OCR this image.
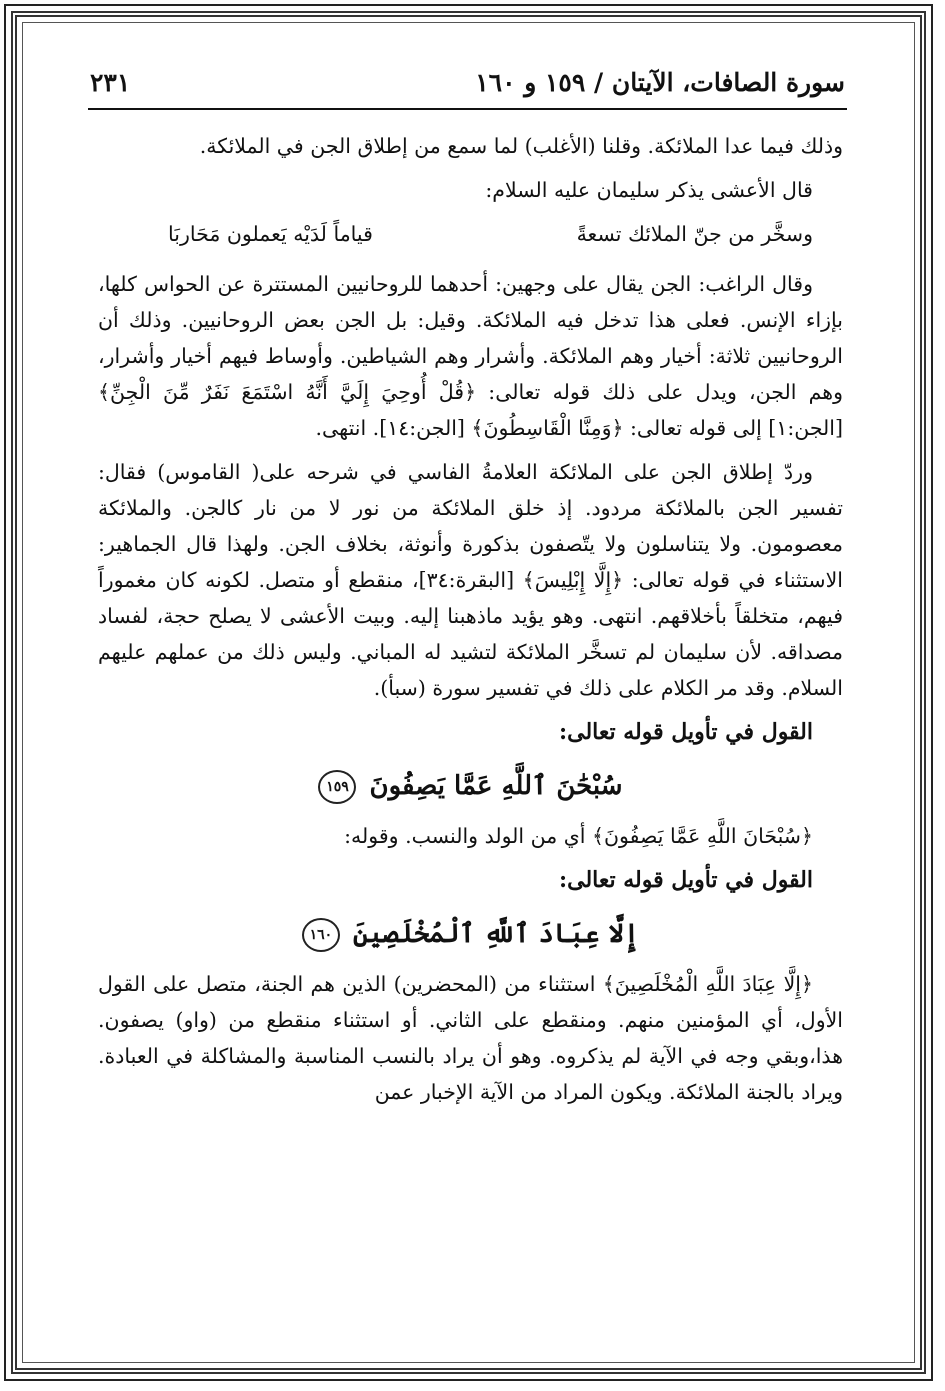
سورة الصافات، الآيتان / ١٥٩ و ١٦٠
٢٣١

وذلك فيما عدا الملائكة. وقلنا (الأغلب) لما سمع من إطلاق الجن في الملائكة.

قال الأعشى يذكر سليمان عليه السلام:

وسخَّر من جنّ الملائك تسعةً
قياماً لَدَيْه يَعملون مَحَاربَا

وقال الراغب: الجن يقال على وجهين: أحدهما للروحانيين المستترة عن الحواس كلها، بإزاء الإنس. فعلى هذا تدخل فيه الملائكة. وقيل: بل الجن بعض الروحانيين. وذلك أن الروحانيين ثلاثة: أخيار وهم الملائكة. وأشرار وهم الشياطين. وأوساط فيهم أخيار وأشرار، وهم الجن، ويدل على ذلك قوله تعالى: ﴿قُلْ أُوحِيَ إِلَيَّ أَنَّهُ اسْتَمَعَ نَفَرٌ مِّنَ الْجِنِّ﴾ [الجن:١] إلى قوله تعالى: ﴿وَمِنَّا الْقَاسِطُونَ﴾ [الجن:١٤]. انتهى.

وردّ إطلاق الجن على الملائكة العلامةُ الفاسي في شرحه على( القاموس) فقال: تفسير الجن بالملائكة مردود. إذ خلق الملائكة من نور لا من نار كالجن. والملائكة معصومون. ولا يتناسلون ولا يتّصفون بذكورة وأنوثة، بخلاف الجن. ولهذا قال الجماهير: الاستثناء في قوله تعالى: ﴿إِلَّا إِبْلِيسَ﴾ [البقرة:٣٤]، منقطع أو متصل. لكونه كان مغموراً فيهم، متخلقاً بأخلاقهم. انتهى. وهو يؤيد ماذهبنا إليه. وبيت الأعشى لا يصلح حجة، لفساد مصداقه. لأن سليمان لم تسخَّر الملائكة لتشيد له المباني. وليس ذلك من عملهم عليهم السلام. وقد مر الكلام على ذلك في تفسير سورة (سبأ).

القول في تأويل قوله تعالى:
سُبْحَٰنَ ٱللَّهِ عَمَّا يَصِفُونَ ١٥٩

﴿سُبْحَانَ اللَّهِ عَمَّا يَصِفُونَ﴾ أي من الولد والنسب. وقوله:

القول في تأويل قوله تعالى:
إِلَّا عِبَادَ ٱللَّهِ ٱلْمُخْلَصِينَ ١٦٠

﴿إِلَّا عِبَادَ اللَّهِ الْمُخْلَصِينَ﴾ استثناء من (المحضرين) الذين هم الجنة، متصل على القول الأول، أي المؤمنين منهم. ومنقطع على الثاني. أو استثناء منقطع من (واو) يصفون. هذا،وبقي وجه في الآية لم يذكروه. وهو أن يراد بالنسب المناسبة والمشاكلة في العبادة. ويراد بالجنة الملائكة. ويكون المراد من الآية الإخبار عمن
